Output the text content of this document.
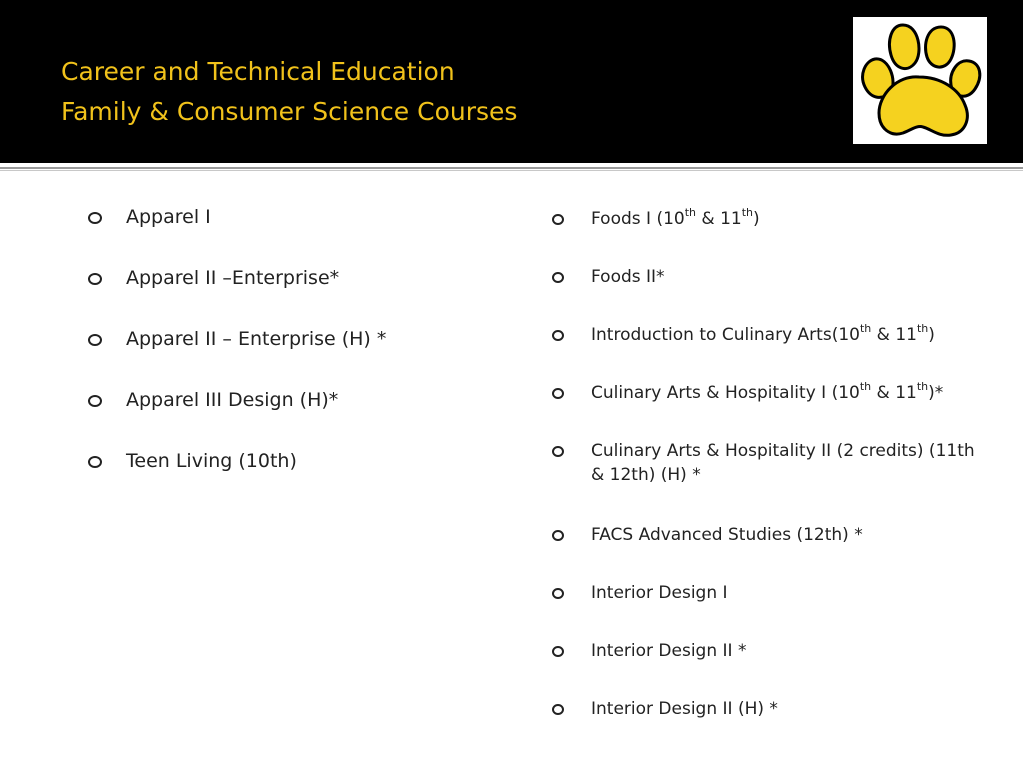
Career and Technical Education
Family & Consumer Science Courses
Apparel I
Apparel II –Enterprise*
Apparel II – Enterprise (H) *
Apparel III Design (H)*
Teen Living (10th)
Foods I (10th & 11th)
Foods II*
Introduction to Culinary Arts(10th & 11th)
Culinary Arts & Hospitality I (10th & 11th)*
Culinary Arts & Hospitality II (2 credits) (11th & 12th) (H) *
FACS Advanced Studies (12th) *
Interior Design I
Interior Design II *
Interior Design II (H) *
